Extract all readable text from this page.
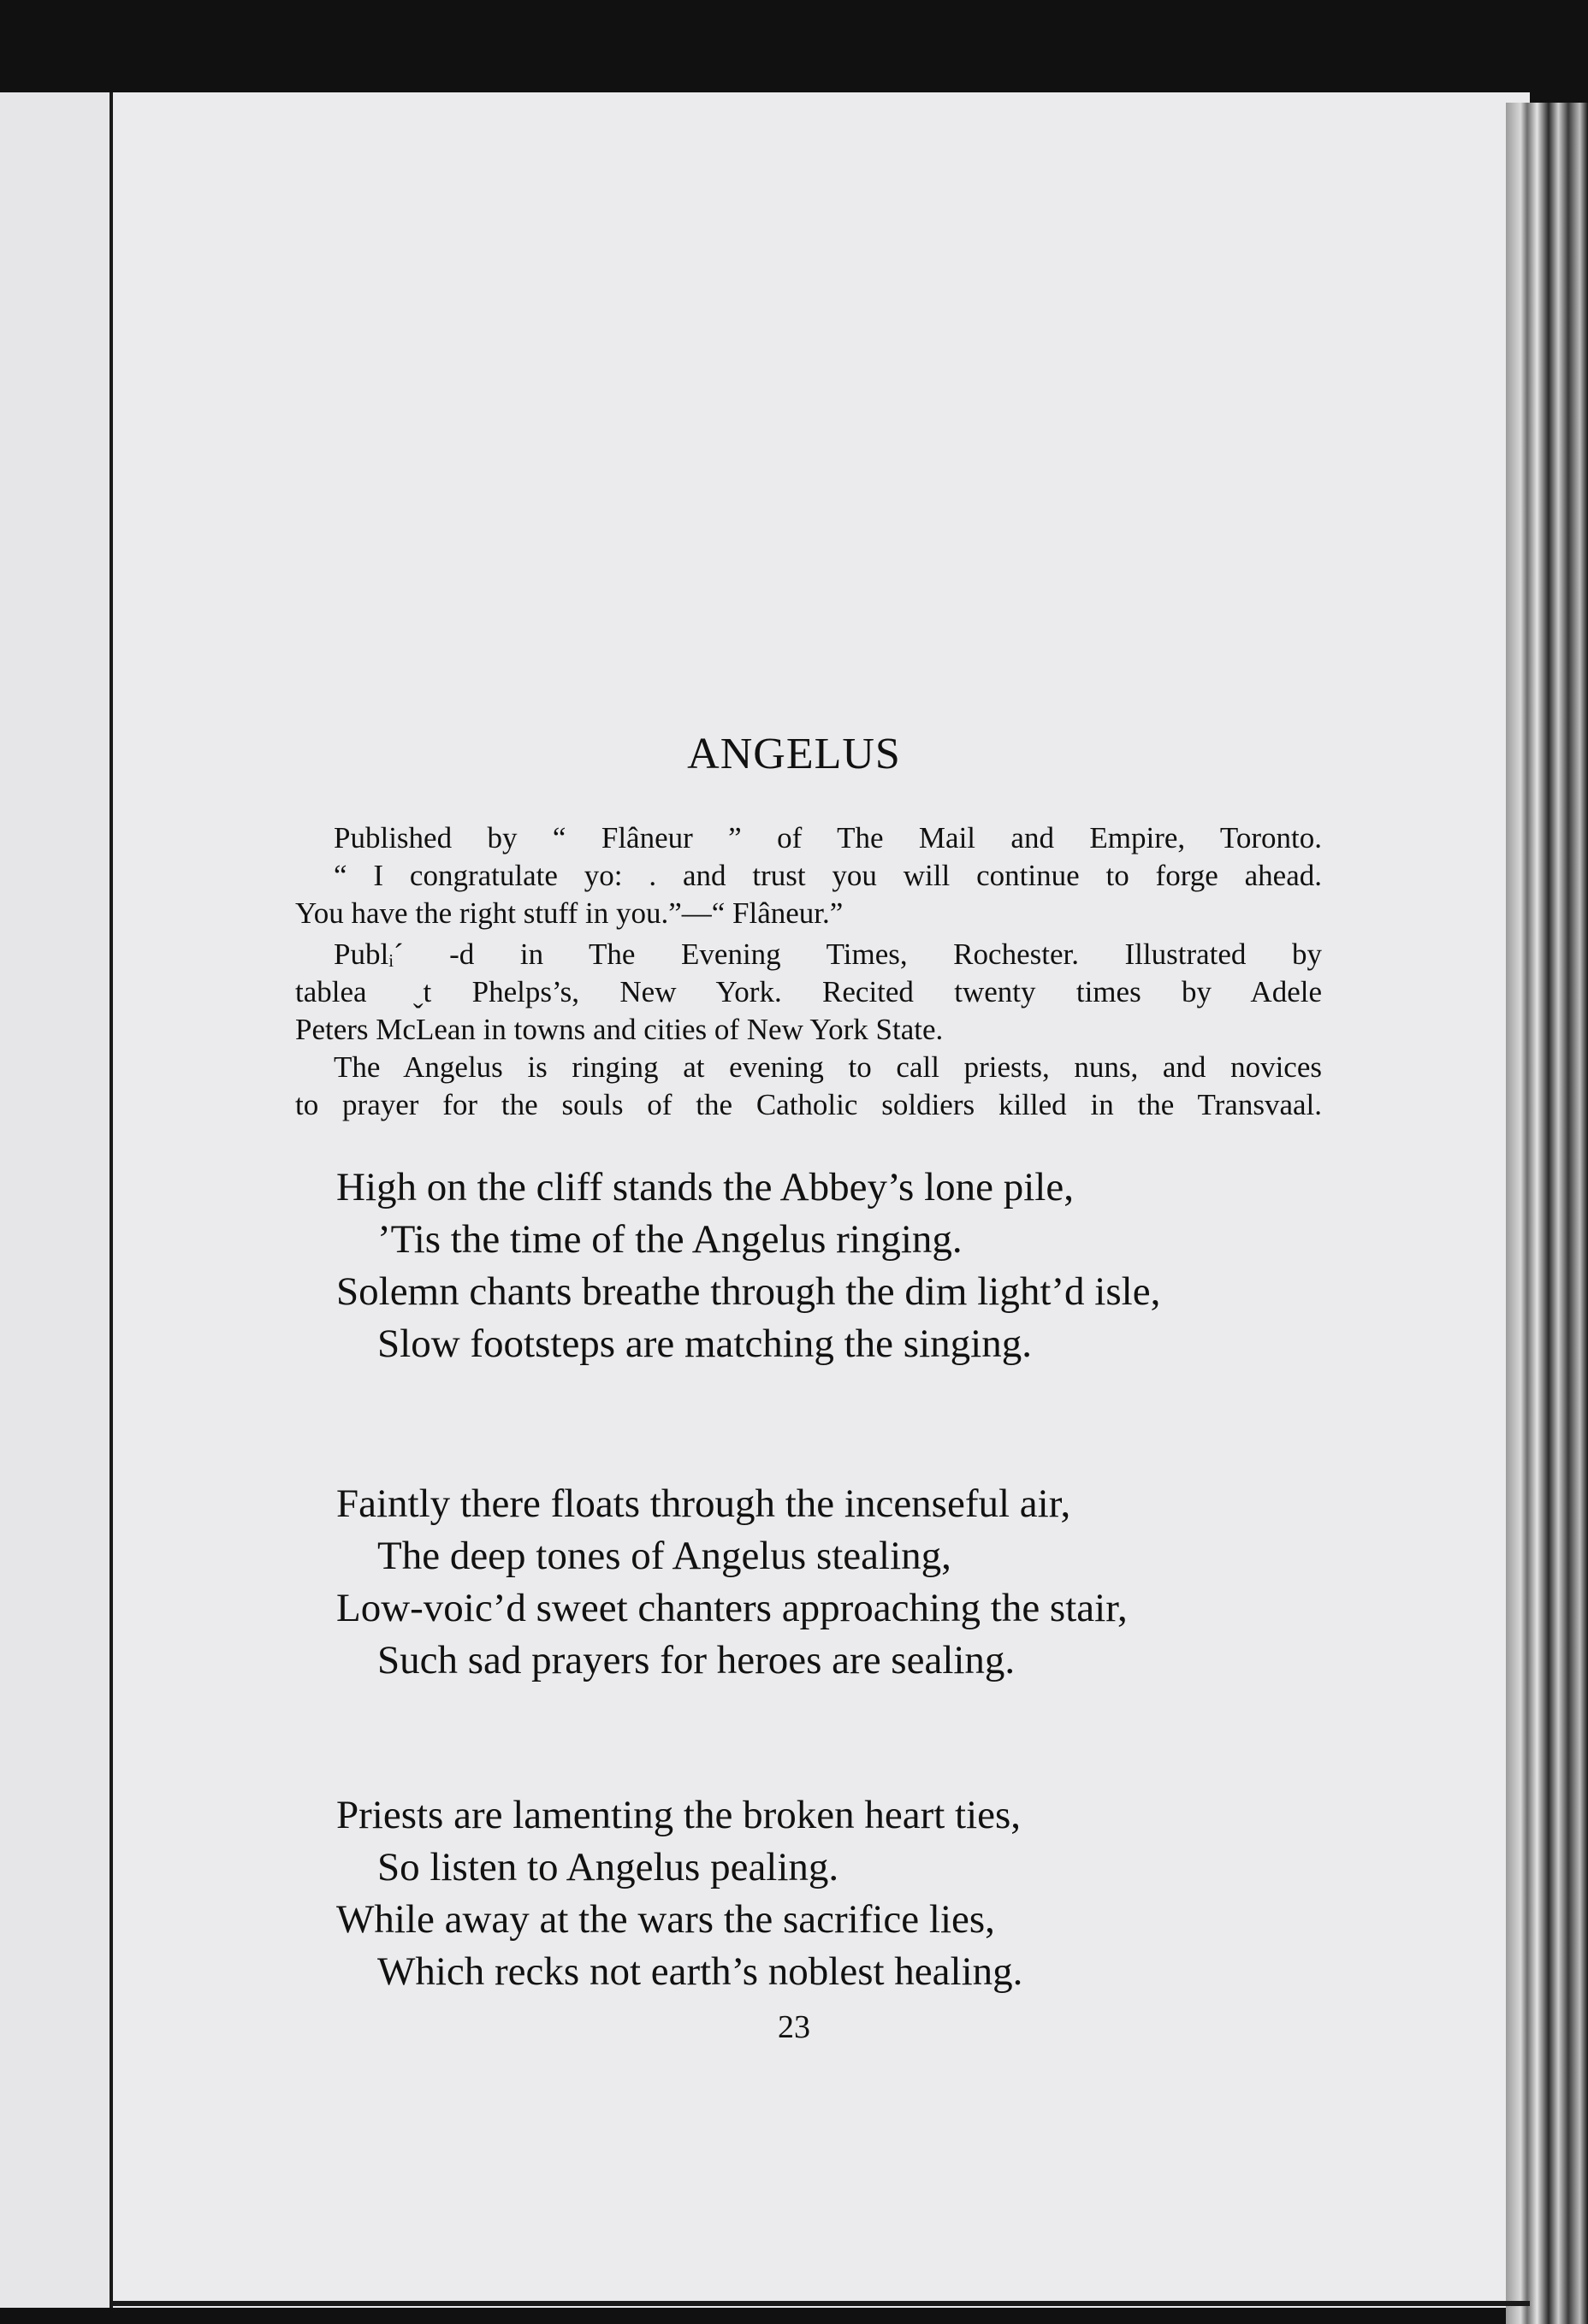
ANGELUS
Published by “ Flânеur ” of The Mail and Empire, Toronto.
“ I congratulate yo: . and trust you will continue to forge ahead.
You have the right stuff in you.”—“ Flâneur.”
Publᵢ´ ‐d in The Evening Times, Rochester. Illustrated by
tablea  ˬt Phelps’s, New York. Recited twenty times by Adele
Peters McLean in towns and cities of New York State.
The Angelus is ringing at evening to call priests, nuns, and novices
to prayer for the souls of the Catholic soldiers killed in the Transvaal.
High on the cliff stands the Abbey’s lone pile,
’Tis the time of the Angelus ringing.
Solemn chants breathe through the dim light’d isle,
Slow footsteps are matching the singing.
Faintly there floats through the incenseful air,
The deep tones of Angelus stealing,
Low-voic’d sweet chanters approaching the stair,
Such sad prayers for heroes are sealing.
Priests are lamenting the broken heart ties,
So listen to Angelus pealing.
While away at the wars the sacrifice lies,
Which recks not earth’s noblest healing.
23
